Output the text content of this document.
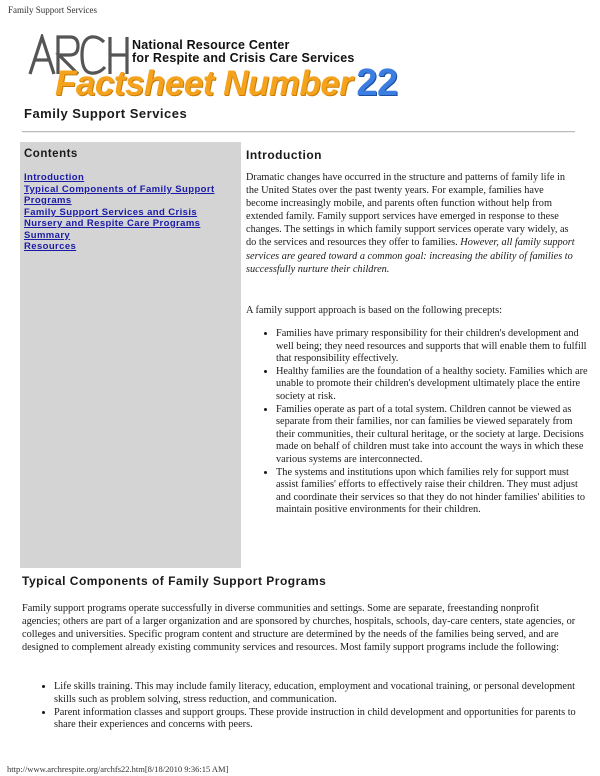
Family Support Services
National Resource Center
for Respite and Crisis Care Services
Factsheet Number 22
Family Support Services
Contents
Introduction
Typical Components of Family Support Programs
Family Support Services and Crisis Nursery and Respite Care Programs
Summary
Resources
Introduction

Dramatic changes have occurred in the structure and patterns of family life in the United States over the past twenty years. For example, families have become increasingly mobile, and parents often function without help from extended family. Family support services have emerged in response to these changes. The settings in which family support services operate vary widely, as do the services and resources they offer to families. However, all family support services are geared toward a common goal: increasing the ability of families to successfully nurture their children.

A family support approach is based on the following precepts:

• Families have primary responsibility for their children's development and well being; they need resources and supports that will enable them to fulfill that responsibility effectively.
• Healthy families are the foundation of a healthy society. Families which are unable to promote their children's development ultimately place the entire society at risk.
• Families operate as part of a total system. Children cannot be viewed as separate from their families, nor can families be viewed separately from their communities, their cultural heritage, or the society at large. Decisions made on behalf of children must take into account the ways in which these various systems are interconnected.
• The systems and institutions upon which families rely for support must assist families' efforts to effectively raise their children. They must adjust and coordinate their services so that they do not hinder families' abilities to maintain positive environments for their children.
Typical Components of Family Support Programs

Family support programs operate successfully in diverse communities and settings. Some are separate, freestanding nonprofit agencies; others are part of a larger organization and are sponsored by churches, hospitals, schools, day-care centers, state agencies, or colleges and universities. Specific program content and structure are determined by the needs of the families being served, and are designed to complement already existing community services and resources. Most family support programs include the following:

• Life skills training. This may include family literacy, education, employment and vocational training, or personal development skills such as problem solving, stress reduction, and communication.
• Parent information classes and support groups. These provide instruction in child development and opportunities for parents to share their experiences and concerns with peers.
http://www.archrespite.org/archfs22.htm[8/18/2010 9:36:15 AM]
